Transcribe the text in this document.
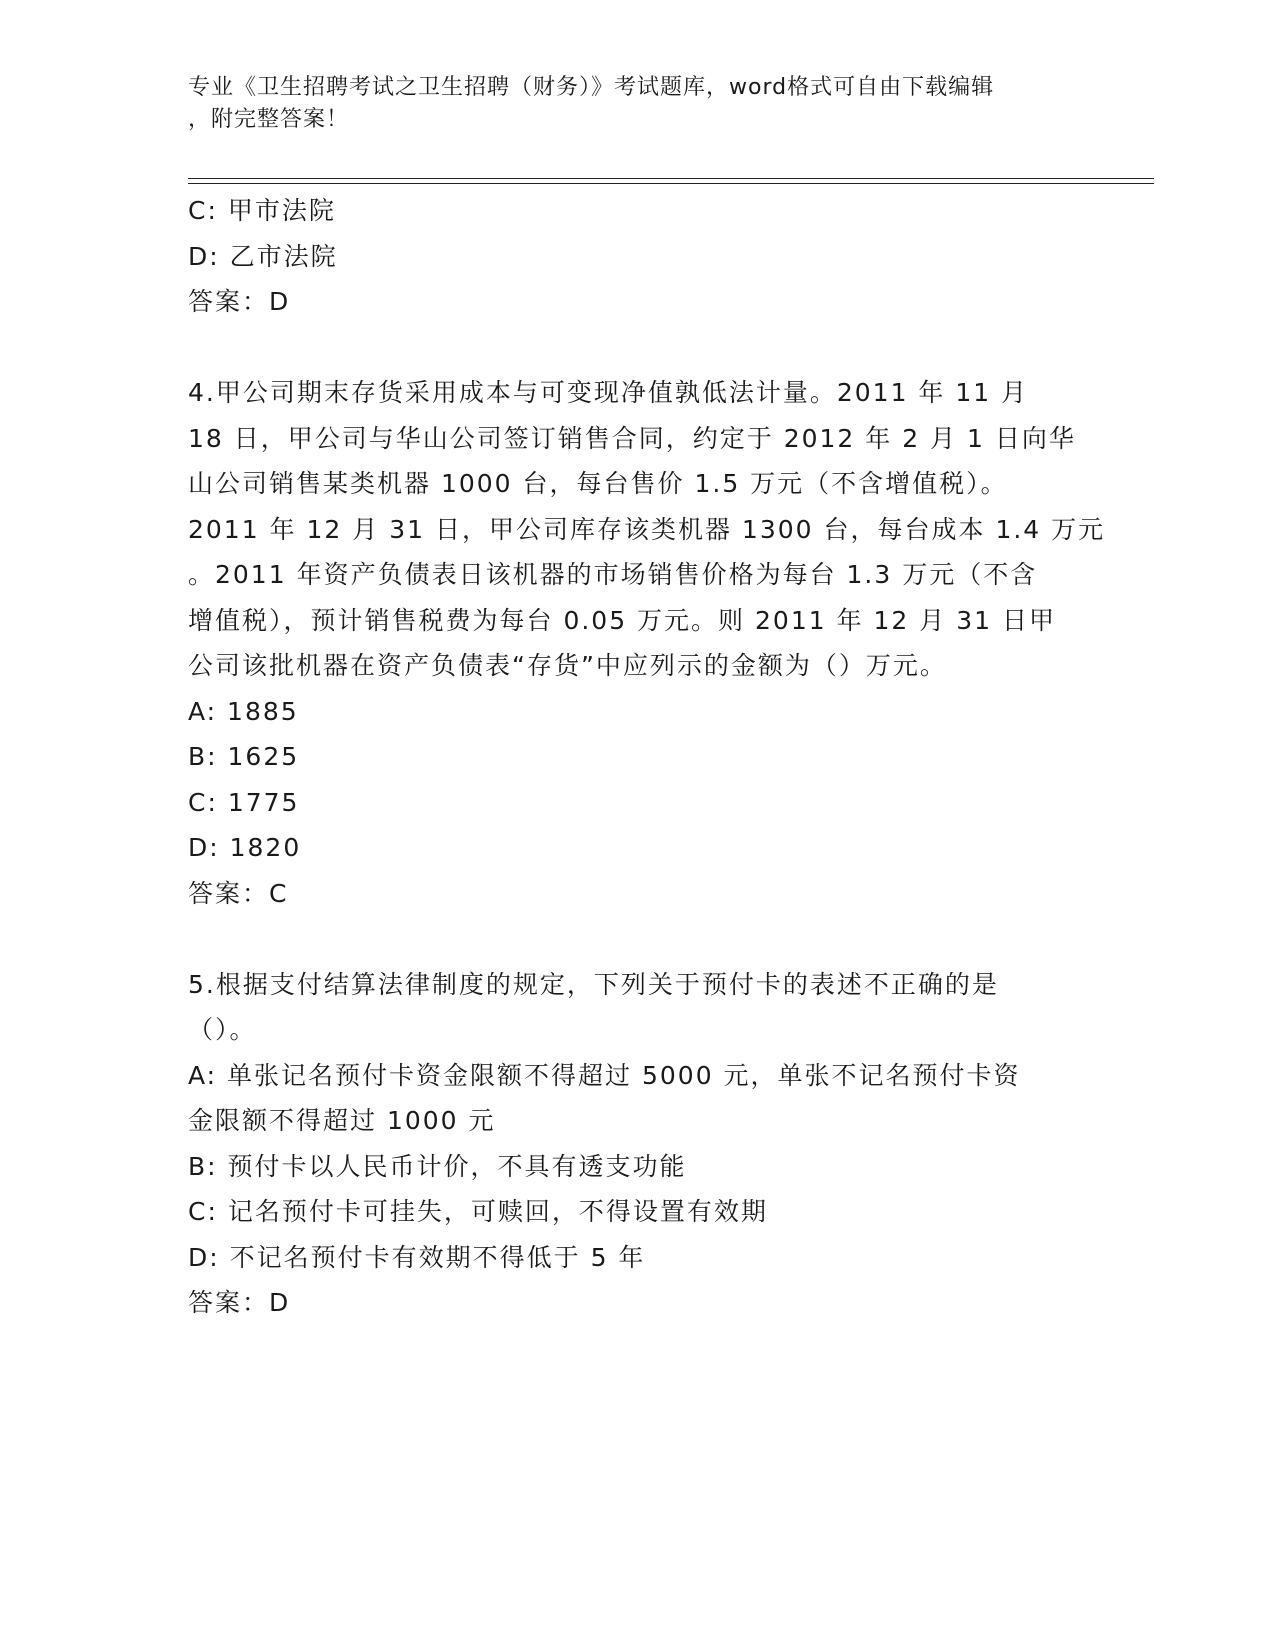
专业《卫生招聘考试之卫生招聘（财务）》考试题库，word格式可自由下载编辑
，附完整答案！
C: 甲市法院
D: 乙市法院
答案：D
4.甲公司期末存货采用成本与可变现净值孰低法计量。2011 年 11 月
18 日，甲公司与华山公司签订销售合同，约定于 2012 年 2 月 1 日向华
山公司销售某类机器 1000 台，每台售价 1.5 万元（不含增值税）。
2011 年 12 月 31 日，甲公司库存该类机器 1300 台，每台成本 1.4 万元
。2011 年资产负债表日该机器的市场销售价格为每台 1.3 万元（不含
增值税），预计销售税费为每台 0.05 万元。则 2011 年 12 月 31 日甲
公司该批机器在资产负债表“存货”中应列示的金额为（）万元。
A: 1885
B: 1625
C: 1775
D: 1820
答案：C
5.根据支付结算法律制度的规定，下列关于预付卡的表述不正确的是
（）。
A: 单张记名预付卡资金限额不得超过 5000 元，单张不记名预付卡资
金限额不得超过 1000 元
B: 预付卡以人民币计价，不具有透支功能
C: 记名预付卡可挂失，可赎回，不得设置有效期
D: 不记名预付卡有效期不得低于 5 年
答案：D
